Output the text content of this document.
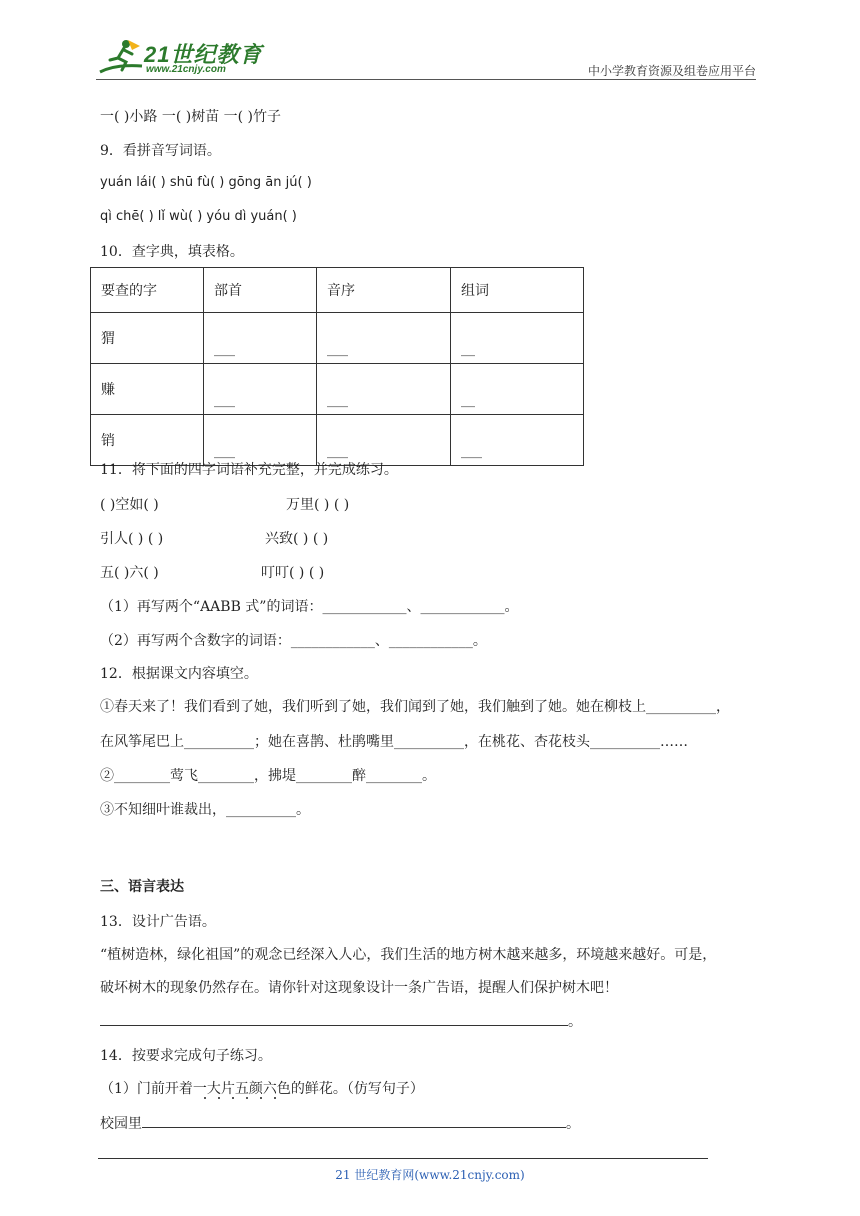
21世纪教育
www.21cnjy.com	中小学教育资源及组卷应用平台
一( )小路 一( )树苗 一( )竹子
9．看拼音写词语。
yuán lái( ) shū fù( ) gōng ān jú( )
qì chē( ) lǐ wù( ) yóu dì yuán( )
10．查字典，填表格。
要查的字	部首	音序	组词
猬	___	___	__
赚	___	___	__
销	___	___	___
11．将下面的四字词语补充完整，并完成练习。
( )空如( )	万里( ) ( )
引人( ) ( )	兴致( ) ( )
五( )六( )	叮叮( ) ( )
（1）再写两个“AABB 式”的词语：____________、____________。
（2）再写两个含数字的词语：____________、____________。
12．根据课文内容填空。
①春天来了！我们看到了她，我们听到了她，我们闻到了她，我们触到了她。她在柳枝上__________，
在风筝尾巴上__________；她在喜鹊、杜鹃嘴里__________，在桃花、杏花枝头__________……
②________莺飞________，拂堤________醉________。
③不知细叶谁裁出，__________。
三、语言表达
13．设计广告语。
“植树造林，绿化祖国”的观念已经深入人心，我们生活的地方树木越来越多，环境越来越好。可是，
破坏树木的现象仍然存在。请你针对这现象设计一条广告语，提醒人们保护树木吧！
。
14．按要求完成句子练习。
（1）门前开着一大片五颜六色的鲜花。（仿写句子）
校园里	。
21 世纪教育网(www.21cnjy.com)
